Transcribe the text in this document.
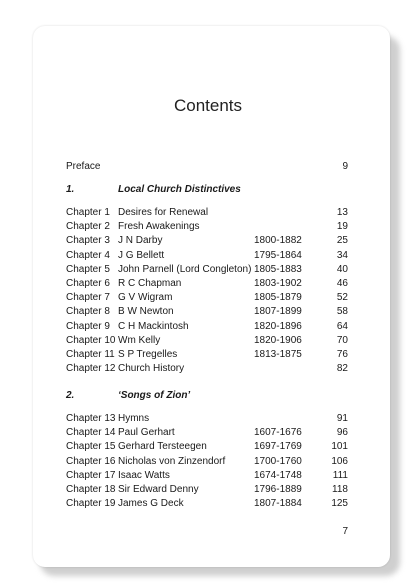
Contents
Preface	9
1.	Local Church Distinctives
Chapter 1 Desires for Renewal	13
Chapter 2 Fresh Awakenings	19
Chapter 3 J N Darby	1800-1882	25
Chapter 4 J G Bellett	1795-1864	34
Chapter 5 John Parnell (Lord Congleton) 1805-1883	40
Chapter 6 R C Chapman	1803-1902	46
Chapter 7 G V Wigram	1805-1879	52
Chapter 8 B W Newton	1807-1899	58
Chapter 9 C H Mackintosh	1820-1896	64
Chapter 10 Wm Kelly	1820-1906	70
Chapter 11 S P Tregelles	1813-1875	76
Chapter 12 Church History	82
2.	‘Songs of Zion’
Chapter 13 Hymns	91
Chapter 14 Paul Gerhart	1607-1676	96
Chapter 15 Gerhard Tersteegen	1697-1769	101
Chapter 16 Nicholas von Zinzendorf	1700-1760	106
Chapter 17 Isaac Watts	1674-1748	111
Chapter 18 Sir Edward Denny	1796-1889	118
Chapter 19 James G Deck	1807-1884	125
7
